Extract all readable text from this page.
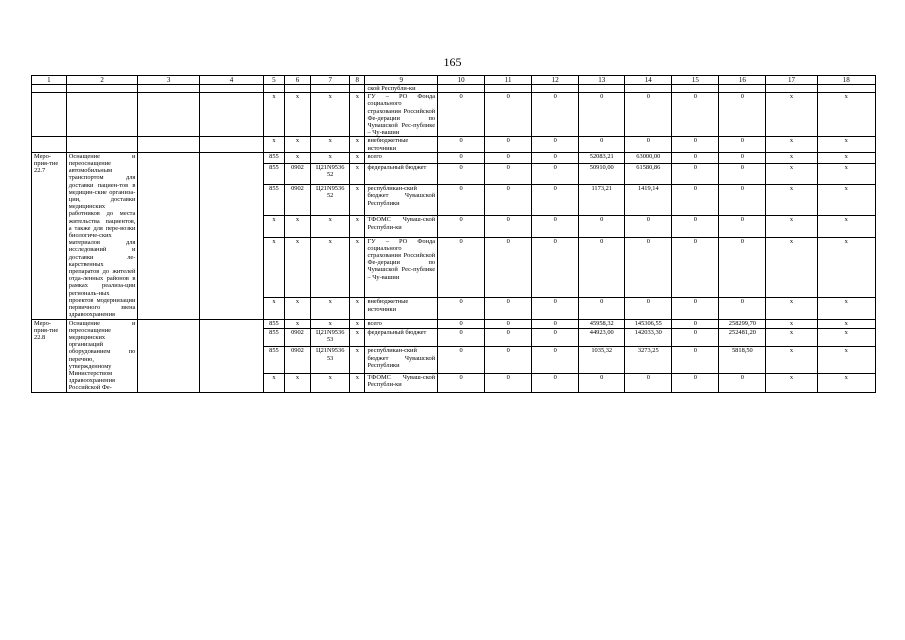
165
1	2	3	4	5	6	7	8	9	10	11	12	13	14	15	16	17	18
								ской Республи-ки									
				x	x	x	x	ГУ – РО Фонда социального страхования Российской Фе-дерации по Чувашской Рес-публике – Чу-вашии	0	0	0	0	0	0	0	x	x
				x	x	x	x	внебюджетные источники	0	0	0	0	0	0	0	x	x
Меро-прия-тие 22.7	Оснащение и переоснащение автомобильным транспортом для доставки пациен-тов в медицин-ские организа-ции, доставки медицинских работников до места жительства пациентов, а также для пере-возки биологиче-ских материалов для исследований и доставки ле-карственных препаратов до жителей отда-ленных районов в рамках реализа-ции региональ-ных проектов модернизации первичного звена здравоохранения			855	x	x	x	всего	0	0	0	52083,21	63000,00	0	0	x	x
				855	0902	Ц21N9536 52	x	федеральный бюджет	0	0	0	50910,00	61580,86	0	0	x	x
				855	0902	Ц21N9536 52	x	республикан-ский бюджет Чувашской Республики	0	0	0	1173,21	1419,14	0	0	x	x
				x	x	x	x	ТФОМС Чуваш-ской Республи-ки	0	0	0	0	0	0	0	x	x
				x	x	x	x	ГУ – РО Фонда социального страхования Российской Фе-дерации по Чувашской Рес-публике – Чу-вашии	0	0	0	0	0	0	0	x	x
				x	x	x	x	внебюджетные источники	0	0	0	0	0	0	0	x	x
Меро-прия-тие 22.8	Оснащение и переоснащение медицинских организаций оборудованием по перечню, утвержденному Министерством здравоохранения Российской Фе-			855	x	x	x	всего	0	0	0	45958,32	145306,55	0	258299,70	x	x
				855	0902	Ц21N9536 53	x	федеральный бюджет	0	0	0	44923,00	142033,30	0	252481,20	x	x
				855	0902	Ц21N9536 53	x	республикан-ский бюджет Чувашской Республики	0	0	0	1035,32	3273,25	0	5818,50	x	x
				x	x	x	x	ТФОМС Чуваш-ской Республи-ки	0	0	0	0	0	0	0	x	x
